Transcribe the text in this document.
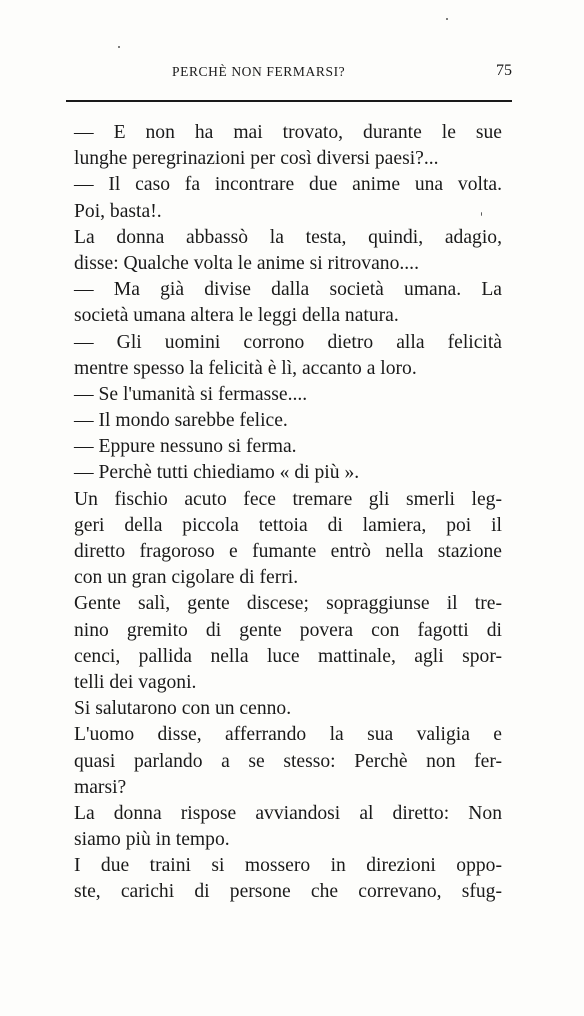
PERCHÈ NON FERMARSI?	75
— E non ha mai trovato, durante le sue
lunghe peregrinazioni per così diversi paesi?...
— Il caso fa incontrare due anime una volta.
Poi, basta!.
La donna abbassò la testa, quindi, adagio,
disse: Qualche volta le anime si ritrovano....
— Ma già divise dalla società umana. La
società umana altera le leggi della natura.
— Gli uomini corrono dietro alla felicità
mentre spesso la felicità è lì, accanto a loro.
— Se l'umanità si fermasse....
— Il mondo sarebbe felice.
— Eppure nessuno si ferma.
— Perchè tutti chiediamo « di più ».
Un fischio acuto fece tremare gli smerli leg-
geri della piccola tettoia di lamiera, poi il
diretto fragoroso e fumante entrò nella stazione
con un gran cigolare di ferri.
Gente salì, gente discese; sopraggiunse il tre-
nino gremito di gente povera con fagotti di
cenci, pallida nella luce mattinale, agli spor-
telli dei vagoni.
Si salutarono con un cenno.
L'uomo disse, afferrando la sua valigia e
quasi parlando a se stesso: Perchè non fer-
marsi?
La donna rispose avviandosi al diretto: Non
siamo più in tempo.
I due traini si mossero in direzioni oppo-
ste, carichi di persone che correvano, sfug-
